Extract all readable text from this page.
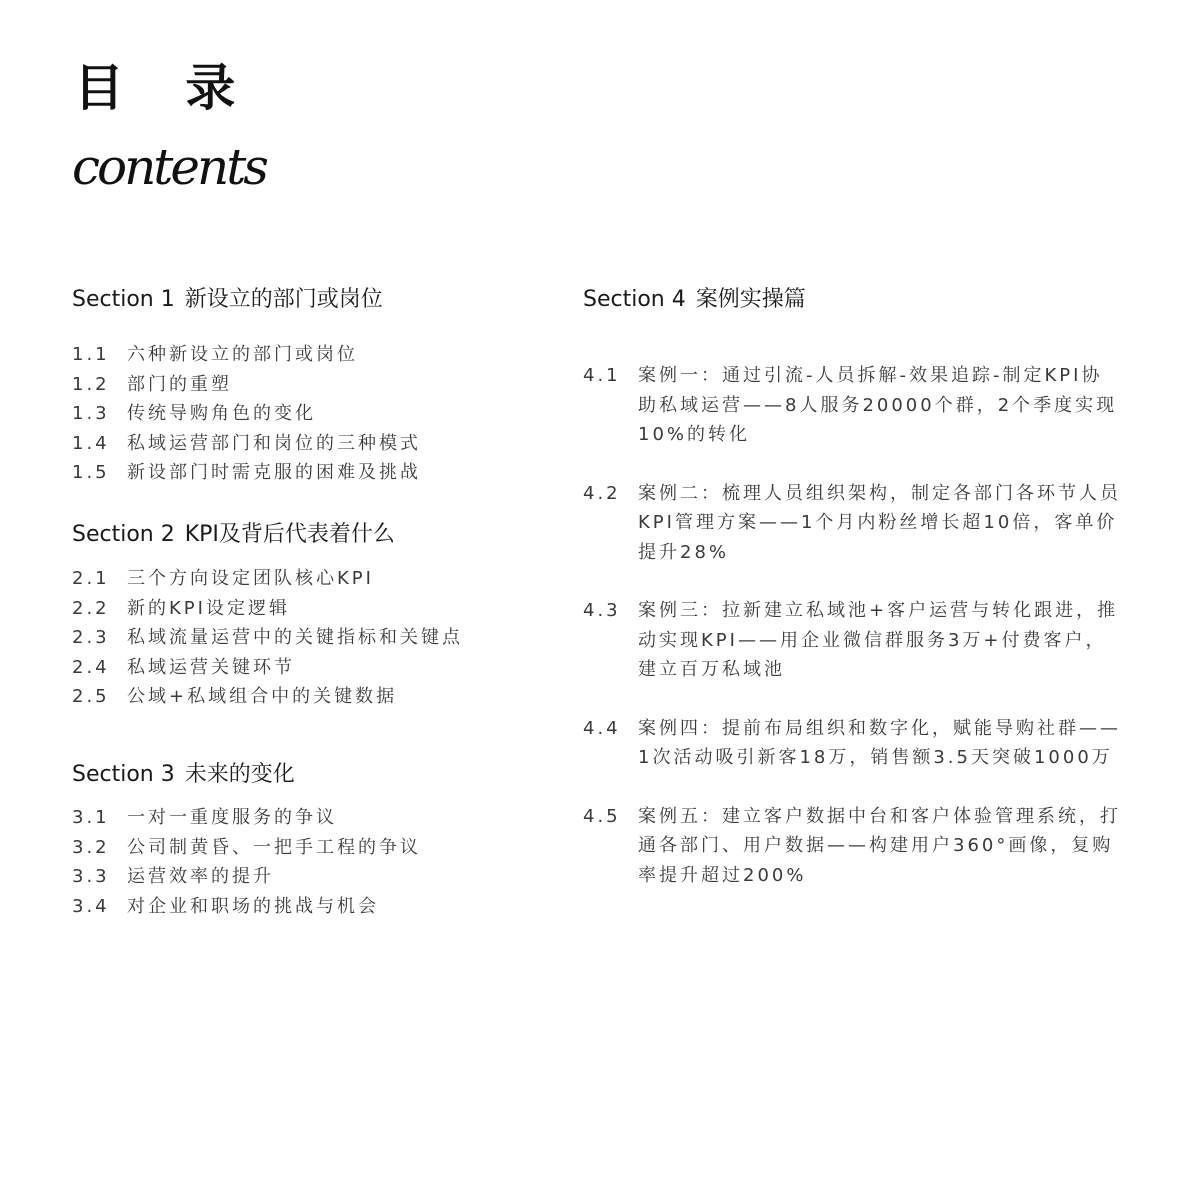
目 录
contents
Section 1 新设立的部门或岗位
1.1 六种新设立的部门或岗位
1.2 部门的重塑
1.3 传统导购角色的变化
1.4 私域运营部门和岗位的三种模式
1.5 新设部门时需克服的困难及挑战
Section 2 KPI及背后代表着什么
2.1 三个方向设定团队核心KPI
2.2 新的KPI设定逻辑
2.3 私域流量运营中的关键指标和关键点
2.4 私域运营关键环节
2.5 公域+私域组合中的关键数据
Section 3 未来的变化
3.1 一对一重度服务的争议
3.2 公司制黄昏、一把手工程的争议
3.3 运营效率的提升
3.4 对企业和职场的挑战与机会
Section 4 案例实操篇
4.1 案例一：通过引流-人员拆解-效果追踪-制定KPI协助私域运营——8人服务20000个群，2个季度实现10%的转化
4.2 案例二：梳理人员组织架构，制定各部门各环节人员KPI管理方案——1个月内粉丝增长超10倍，客单价提升28%
4.3 案例三：拉新建立私域池+客户运营与转化跟进，推动实现KPI——用企业微信群服务3万+付费客户，建立百万私域池
4.4 案例四：提前布局组织和数字化，赋能导购社群——1次活动吸引新客18万，销售额3.5天突破1000万
4.5 案例五：建立客户数据中台和客户体验管理系统，打通各部门、用户数据——构建用户360°画像，复购率提升超过200%
